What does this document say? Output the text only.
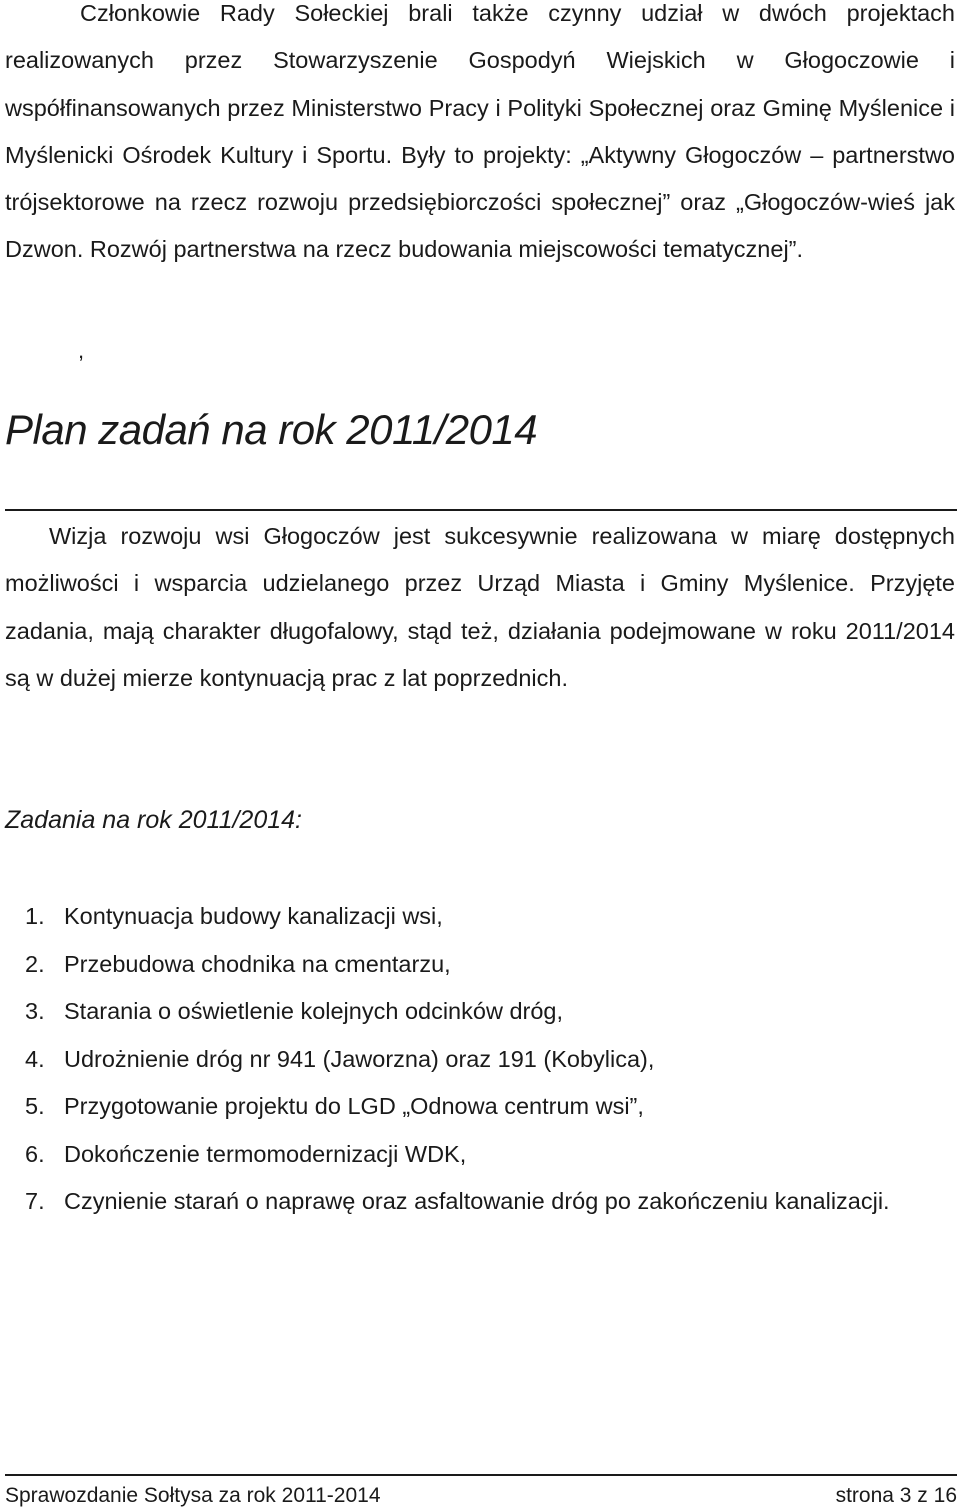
Członkowie Rady Sołeckiej brali także czynny udział w dwóch projektach realizowanych przez Stowarzyszenie Gospodyń Wiejskich w Głogoczowie i współfinansowanych przez Ministerstwo Pracy i Polityki Społecznej oraz Gminę Myślenice i Myślenicki Ośrodek Kultury i Sportu. Były to projekty: „Aktywny Głogoczów – partnerstwo trójsektorowe na rzecz rozwoju przedsiębiorczości społecznej” oraz „Głogoczów-wieś jak Dzwon. Rozwój partnerstwa na rzecz budowania miejscowości tematycznej”.

,
Plan zadań na rok 2011/2014

Wizja rozwoju wsi Głogoczów jest sukcesywnie realizowana w miarę dostępnych możliwości i wsparcia udzielanego przez Urząd Miasta i Gminy Myślenice. Przyjęte zadania, mają charakter długofalowy, stąd też, działania podejmowane w roku 2011/2014 są w dużej mierze kontynuacją prac z lat poprzednich.

Zadania na rok 2011/2014:
1. Kontynuacja budowy kanalizacji wsi,
2. Przebudowa chodnika na cmentarzu,
3. Starania o oświetlenie kolejnych odcinków dróg,
4. Udrożnienie dróg nr 941 (Jaworzna) oraz 191 (Kobylica),
5. Przygotowanie projektu do LGD „Odnowa centrum wsi”,
6. Dokończenie termomodernizacji WDK,
7. Czynienie starań o naprawę oraz asfaltowanie dróg po zakończeniu kanalizacji.
Sprawozdanie Sołtysa za rok 2011-2014	strona 3 z 16
